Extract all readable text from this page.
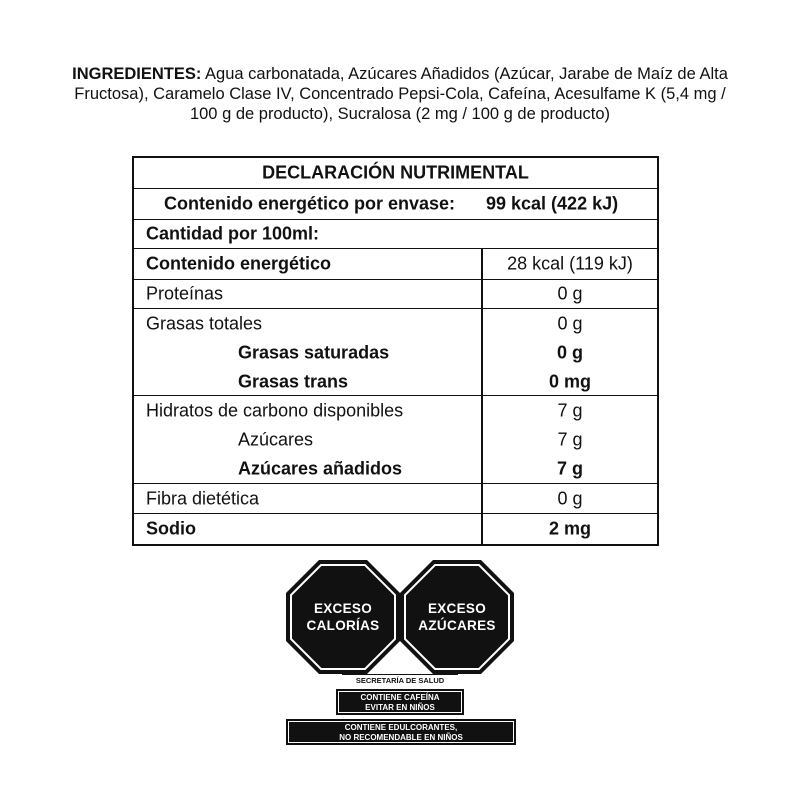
INGREDIENTES: Agua carbonatada, Azúcares Añadidos (Azúcar, Jarabe de Maíz de Alta Fructosa), Caramelo Clase IV, Concentrado Pepsi-Cola, Cafeína, Acesulfame K (5,4 mg / 100 g de producto), Sucralosa (2 mg / 100 g de producto)
DECLARACIÓN NUTRIMENTAL
Contenido energético por envase: 99 kcal (422 kJ)
Cantidad por 100ml:
Contenido energético	28 kcal (119 kJ)
Proteínas	0 g
Grasas totales	0 g
Grasas saturadas	0 g
Grasas trans	0 mg
Hidratos de carbono disponibles	7 g
Azúcares	7 g
Azúcares añadidos	7 g
Fibra dietética	0 g
Sodio	2 mg
EXCESO
CALORÍAS
EXCESO
AZÚCARES
SECRETARÍA DE SALUD
CONTIENE CAFEÍNA
EVITAR EN NIÑOS
CONTIENE EDULCORANTES,
NO RECOMENDABLE EN NIÑOS
